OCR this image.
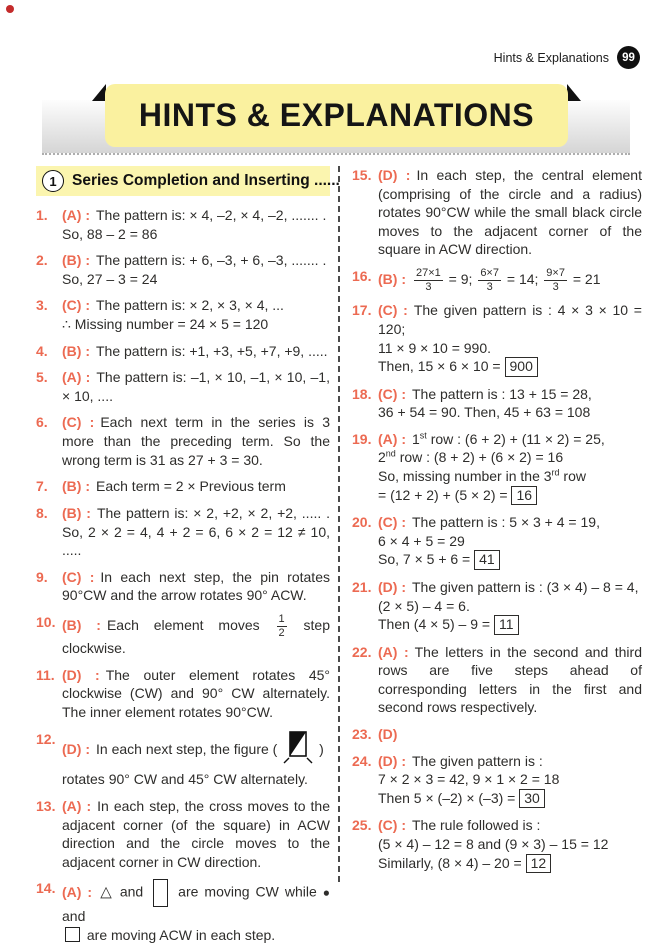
Hints & Explanations	99
HINTS & EXPLANATIONS
1 Series Completion and Inserting ......
1.	(A) : The pattern is: × 4, –2, × 4, –2, ....... .
So, 88 – 2 = 86
2.	(B) : The pattern is: + 6, –3, + 6, –3, ....... .
So, 27 – 3 = 24
3.	(C) : The pattern is: × 2, × 3, × 4, ...
∴ Missing number = 24 × 5 = 120
4.	(B) : The pattern is: +1, +3, +5, +7, +9, .....
5.	(A) : The pattern is: –1, × 10, –1, × 10, –1, × 10, ....
6.	(C) : Each next term in the series is 3 more than the preceding term. So the wrong term is 31 as 27 + 3 = 30.
7.	(B) : Each term = 2 × Previous term
8.	(B) : The pattern is: × 2, +2, × 2, +2, ..... . So, 2 × 2 = 4, 4 + 2 = 6, 6 × 2 = 12 ≠ 10, .....
9.	(C) : In each next step, the pin rotates 90°CW and the arrow rotates 90° ACW.
10. (B) : Each element moves $\frac{1}{2}$ step clockwise.
11. (D) : The outer element rotates 45° clockwise (CW) and 90° CW alternately. The inner element rotates 90°CW.
12.
(D) : In each next step, the figure (  )
rotates 90° CW and 45° CW alternately.
13. (A) : In each step, the cross moves to the adjacent corner (of the square) in ACW direction and the circle moves to the adjacent corner in CW direction.
14. (A) : △ and  are moving CW while ● and
are moving ACW in each step.
15. (D) : In each step, the central element (comprising of the circle and a radius) rotates 90°CW while the small black circle moves to the adjacent corner of the square in ACW direction.
16. (B) : $\frac{27\times 1}{3} = 9$; $\frac{6\times 7}{3} = 14$; $\frac{9\times 7}{3} = 21$
17. (C) : The given pattern is : 4 × 3 × 10 = 120;
11 × 9 × 10 = 990.
Then, 15 × 6 × 10 = 900
18. (C) : The pattern is : 13 + 15 = 28,
36 + 54 = 90. Then, 45 + 63 = 108
19. (A) : 1st row : (6 + 2) + (11 × 2) = 25,
2nd row : (8 + 2) + (6 × 2) = 16
So, missing number in the 3rd row
= (12 + 2) + (5 × 2) = 16
20. (C) : The pattern is : 5 × 3 + 4 = 19,
6 × 4 + 5 = 29
So, 7 × 5 + 6 = 41
21. (D) : The given pattern is : (3 × 4) – 8 = 4,
(2 × 5) – 4 = 6.
Then (4 × 5) – 9 = 11
22. (A) : The letters in the second and third rows are five steps ahead of corresponding letters in the first and second rows respectively.
23. (D)
24. (D) : The given pattern is :
7 × 2 × 3 = 42, 9 × 1 × 2 = 18
Then 5 × (–2) × (–3) = 30
25. (C) : The rule followed is :
(5 × 4) – 12 = 8 and (9 × 3) – 15 = 12
Similarly, (8 × 4) – 20 = 12
